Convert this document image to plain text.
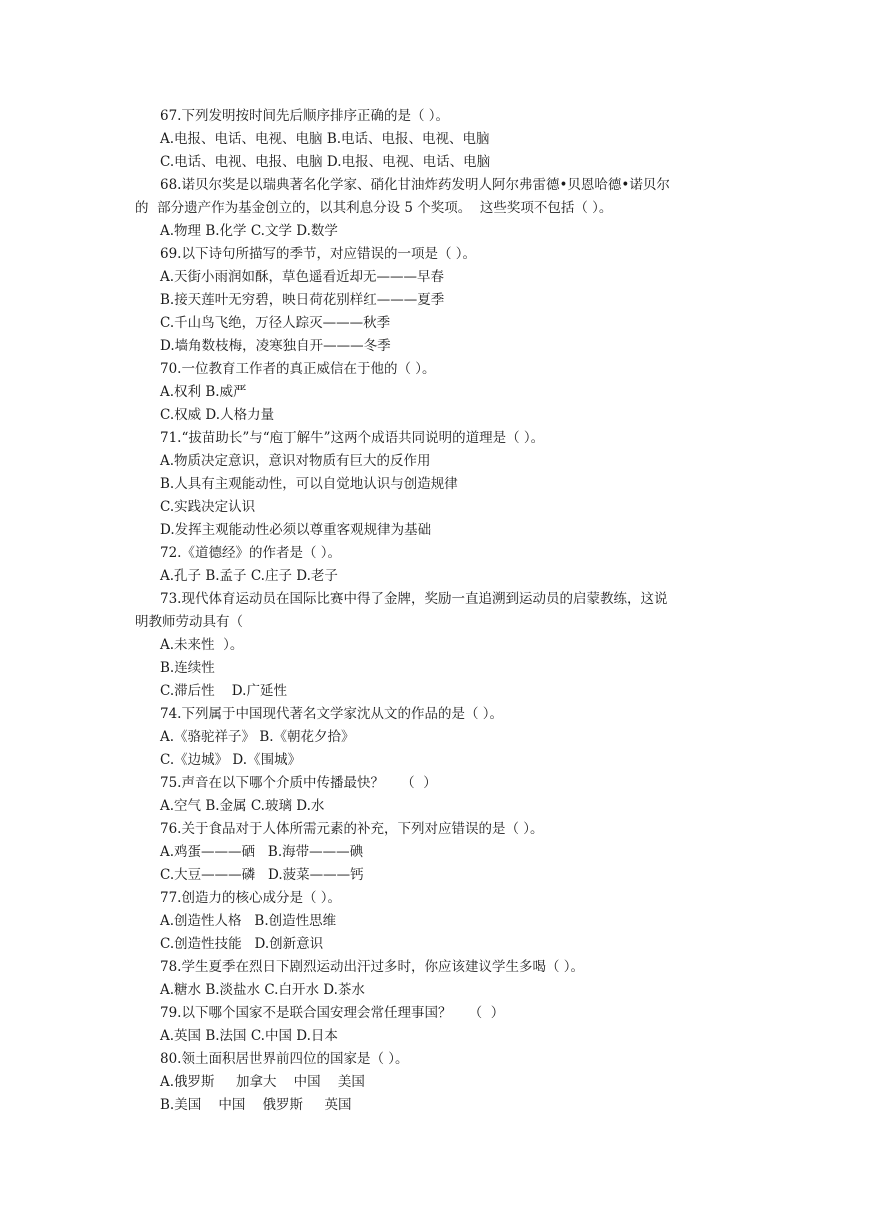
67.下列发明按时间先后顺序排序正确的是（ ）。
A.电报、电话、电视、电脑 B.电话、电报、电视、电脑
C.电话、电视、电报、电脑 D.电报、电视、电话、电脑
68.诺贝尔奖是以瑞典著名化学家、硝化甘油炸药发明人阿尔弗雷德•贝恩哈德•诺贝尔
的  部分遗产作为基金创立的，以其利息分设 5 个奖项。  这些奖项不包括（ ）。
A.物理 B.化学 C.文学 D.数学
69.以下诗句所描写的季节，对应错误的一项是（ ）。
A.天街小雨润如酥，草色遥看近却无———早春
B.接天莲叶无穷碧，映日荷花别样红———夏季
C.千山鸟飞绝，万径人踪灭———秋季
D.墙角数枝梅，凌寒独自开———冬季
70.一位教育工作者的真正威信在于他的（ ）。
A.权利 B.威严
C.权威 D.人格力量
71.“拔苗助长”与“庖丁解牛”这两个成语共同说明的道理是（ ）。
A.物质决定意识，意识对物质有巨大的反作用
B.人具有主观能动性，可以自觉地认识与创造规律
C.实践决定认识
D.发挥主观能动性必须以尊重客观规律为基础
72.《道德经》的作者是（ ）。
A.孔子 B.孟子 C.庄子 D.老子
73.现代体育运动员在国际比赛中得了金牌，奖励一直追溯到运动员的启蒙教练，这说
明教师劳动具有（
A.未来性  ）。
B.连续性
C.滞后性    D.广延性
74.下列属于中国现代著名文学家沈从文的作品的是（ ）。
A.《骆驼祥子》 B.《朝花夕拾》
C.《边城》 D.《围城》
75.声音在以下哪个介质中传播最快？    （  ）
A.空气 B.金属 C.玻璃 D.水
76.关于食品对于人体所需元素的补充，下列对应错误的是（ ）。
A.鸡蛋———硒   B.海带———碘
C.大豆———磷   D.菠菜———钙
77.创造力的核心成分是（ ）。
A.创造性人格   B.创造性思维
C.创造性技能   D.创新意识
78.学生夏季在烈日下剧烈运动出汗过多时，你应该建议学生多喝（ ）。
A.糖水 B.淡盐水 C.白开水 D.茶水
79.以下哪个国家不是联合国安理会常任理事国？    （  ）
A.英国 B.法国 C.中国 D.日本
80.领土面积居世界前四位的国家是（ ）。
A.俄罗斯     加拿大    中国    美国
B.美国    中国    俄罗斯     英国
